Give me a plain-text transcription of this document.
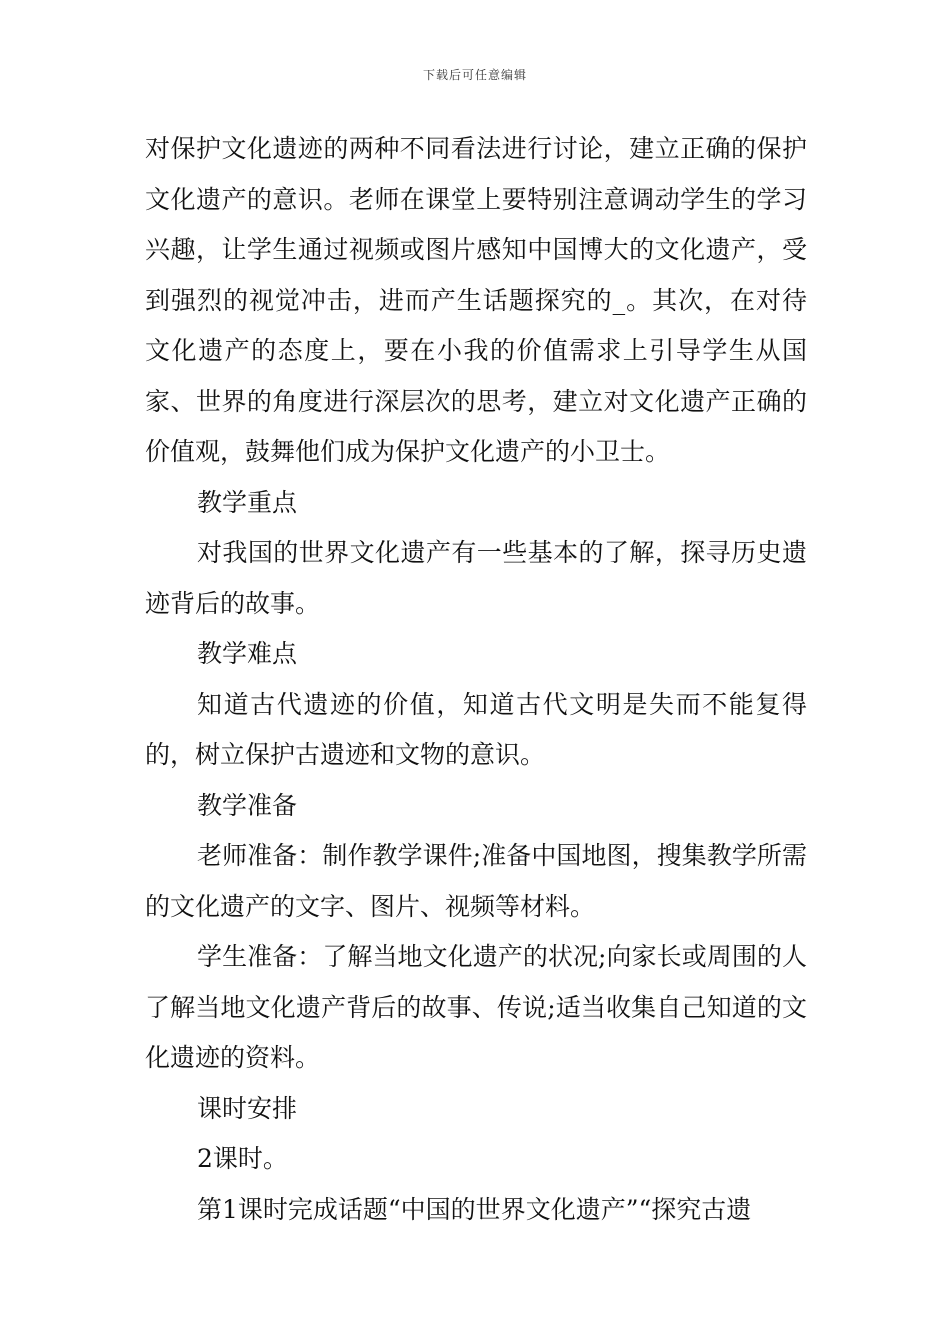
下载后可任意编辑

对保护文化遗迹的两种不同看法进行讨论，建立正确的保护文化遗产的意识。老师在课堂上要特别注意调动学生的学习兴趣，让学生通过视频或图片感知中国博大的文化遗产，受到强烈的视觉冲击，进而产生话题探究的_。其次，在对待文化遗产的态度上，要在小我的价值需求上引导学生从国家、世界的角度进行深层次的思考，建立对文化遗产正确的价值观，鼓舞他们成为保护文化遗产的小卫士。

教学重点

对我国的世界文化遗产有一些基本的了解，探寻历史遗迹背后的故事。

教学难点

知道古代遗迹的价值，知道古代文明是失而不能复得的，树立保护古遗迹和文物的意识。

教学准备

老师准备：制作教学课件;准备中国地图，搜集教学所需的文化遗产的文字、图片、视频等材料。

学生准备：了解当地文化遗产的状况;向家长或周围的人了解当地文化遗产背后的故事、传说;适当收集自己知道的文化遗迹的资料。

课时安排

2课时。

第1课时完成话题“中国的世界文化遗产”“探究古遗
